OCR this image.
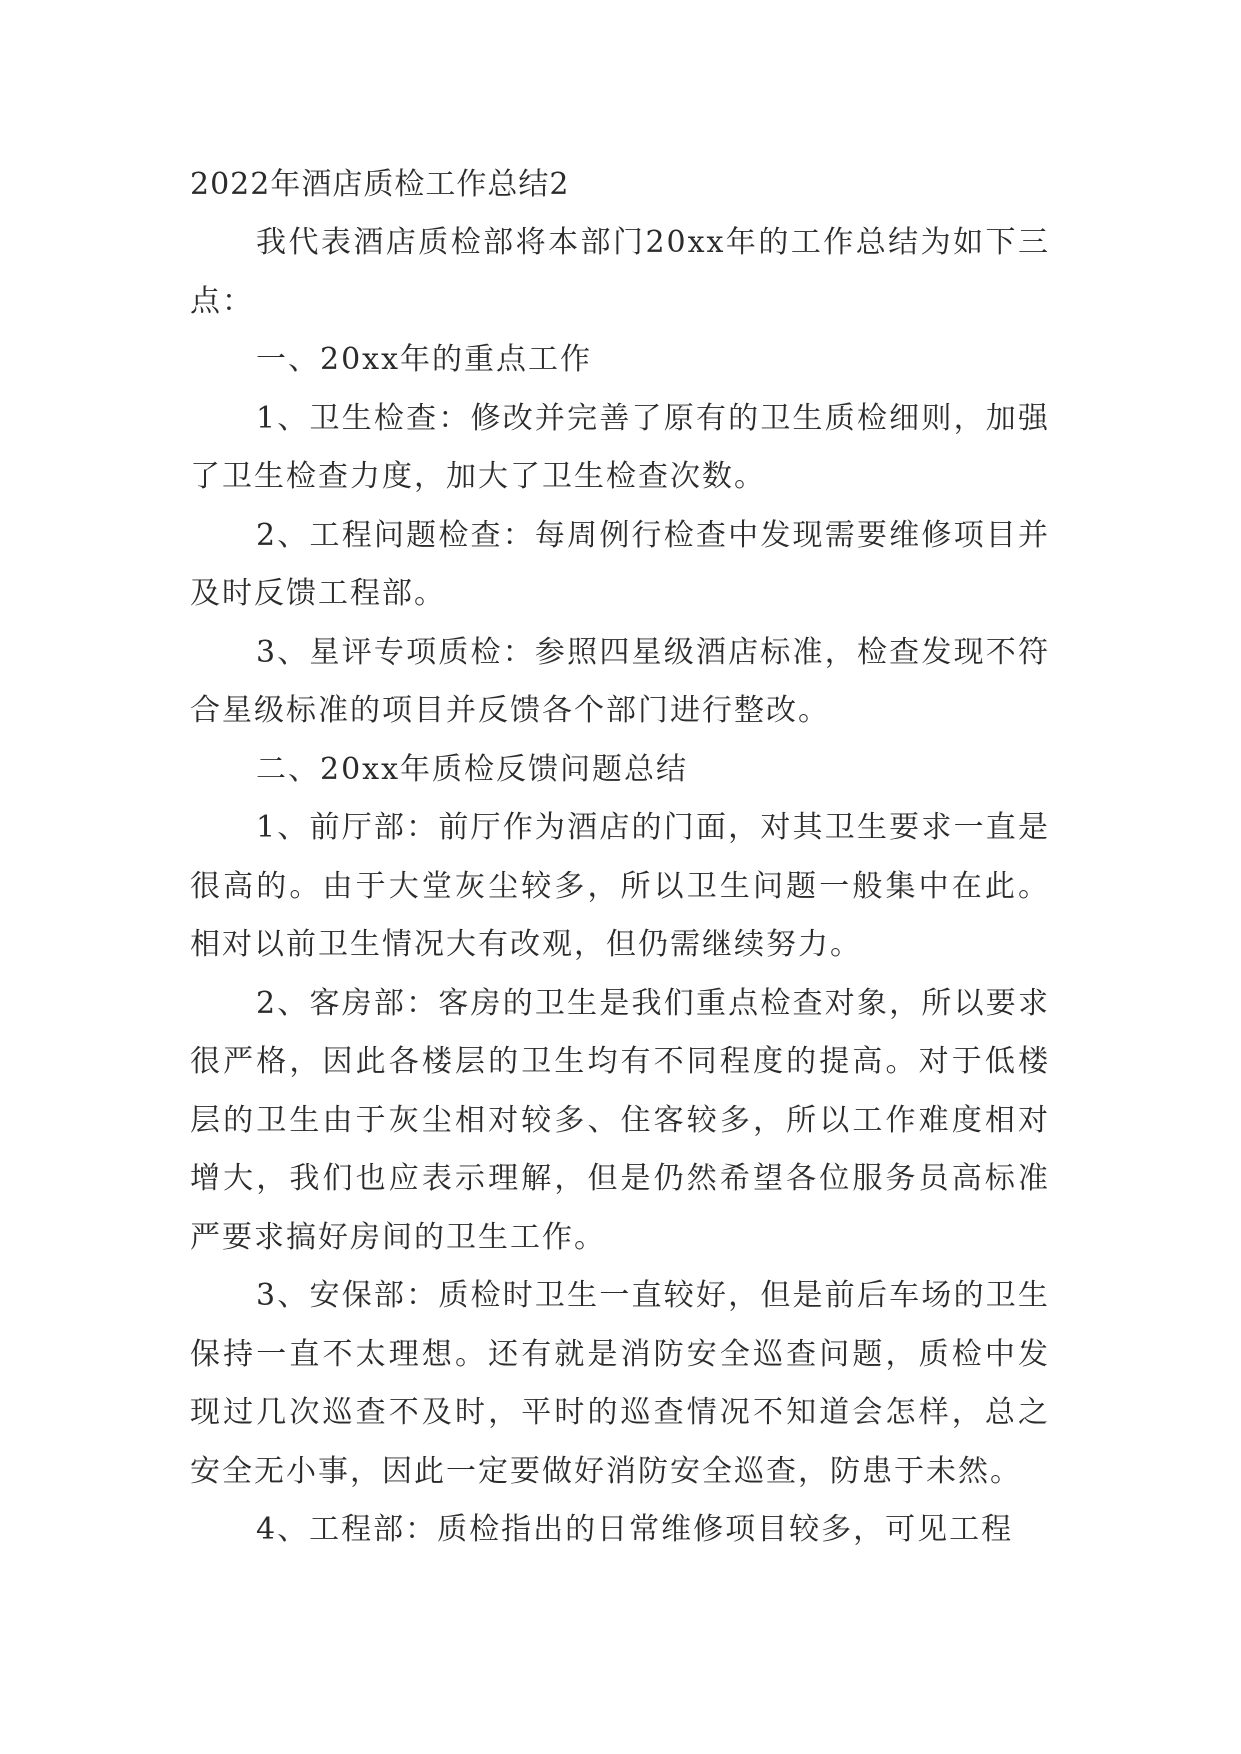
2022年酒店质检工作总结2

我代表酒店质检部将本部门20xx年的工作总结为如下三点：

一、20xx年的重点工作

1、卫生检查：修改并完善了原有的卫生质检细则，加强了卫生检查力度，加大了卫生检查次数。

2、工程问题检查：每周例行检查中发现需要维修项目并及时反馈工程部。

3、星评专项质检：参照四星级酒店标准，检查发现不符合星级标准的项目并反馈各个部门进行整改。

二、20xx年质检反馈问题总结

1、前厅部：前厅作为酒店的门面，对其卫生要求一直是很高的。由于大堂灰尘较多，所以卫生问题一般集中在此。相对以前卫生情况大有改观，但仍需继续努力。

2、客房部：客房的卫生是我们重点检查对象，所以要求很严格，因此各楼层的卫生均有不同程度的提高。对于低楼层的卫生由于灰尘相对较多、住客较多，所以工作难度相对增大，我们也应表示理解，但是仍然希望各位服务员高标准严要求搞好房间的卫生工作。

3、安保部：质检时卫生一直较好，但是前后车场的卫生保持一直不太理想。还有就是消防安全巡查问题，质检中发现过几次巡查不及时，平时的巡查情况不知道会怎样，总之安全无小事，因此一定要做好消防安全巡查，防患于未然。

4、工程部：质检指出的日常维修项目较多，可见工程
